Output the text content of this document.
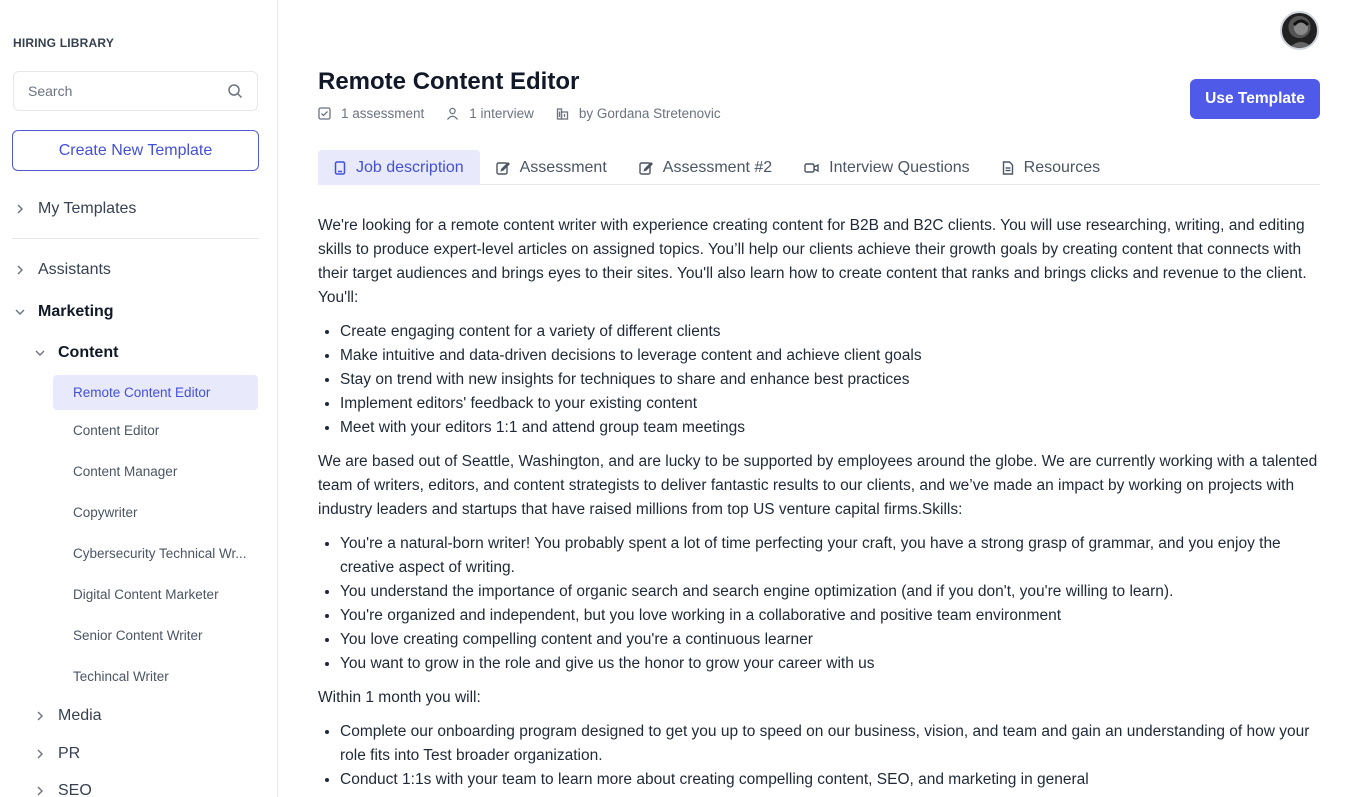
HIRING LIBRARY
Search
Create New Template
My Templates
Assistants
Marketing
Content
Remote Content Editor
Content Editor
Content Manager
Copywriter
Cybersecurity Technical Wr...
Digital Content Marketer
Senior Content Writer
Techincal Writer
Media
PR
SEO
Remote Content Editor
1 assessment	1 interview	by Gordana Stretenovic
Use Template
Job description	Assessment	Assessment #2	Interview Questions	Resources

We're looking for a remote content writer with experience creating content for B2B and B2C clients. You will use researching, writing, and editing skills to produce expert-level articles on assigned topics. You’ll help our clients achieve their growth goals by creating content that connects with their target audiences and brings eyes to their sites. You'll also learn how to create content that ranks and brings clicks and revenue to the client. You'll:

• Create engaging content for a variety of different clients
• Make intuitive and data-driven decisions to leverage content and achieve client goals
• Stay on trend with new insights for techniques to share and enhance best practices
• Implement editors' feedback to your existing content
• Meet with your editors 1:1 and attend group team meetings

We are based out of Seattle, Washington, and are lucky to be supported by employees around the globe. We are currently working with a talented team of writers, editors, and content strategists to deliver fantastic results to our clients, and we’ve made an impact by working on projects with industry leaders and startups that have raised millions from top US venture capital firms.Skills:

• You're a natural-born writer! You probably spent a lot of time perfecting your craft, you have a strong grasp of grammar, and you enjoy the creative aspect of writing.
• You understand the importance of organic search and search engine optimization (and if you don't, you're willing to learn).
• You're organized and independent, but you love working in a collaborative and positive team environment
• You love creating compelling content and you're a continuous learner
• You want to grow in the role and give us the honor to grow your career with us

Within 1 month you will:

• Complete our onboarding program designed to get you up to speed on our business, vision, and team and gain an understanding of how your role fits into Test broader organization.
• Conduct 1:1s with your team to learn more about creating compelling content, SEO, and marketing in general
